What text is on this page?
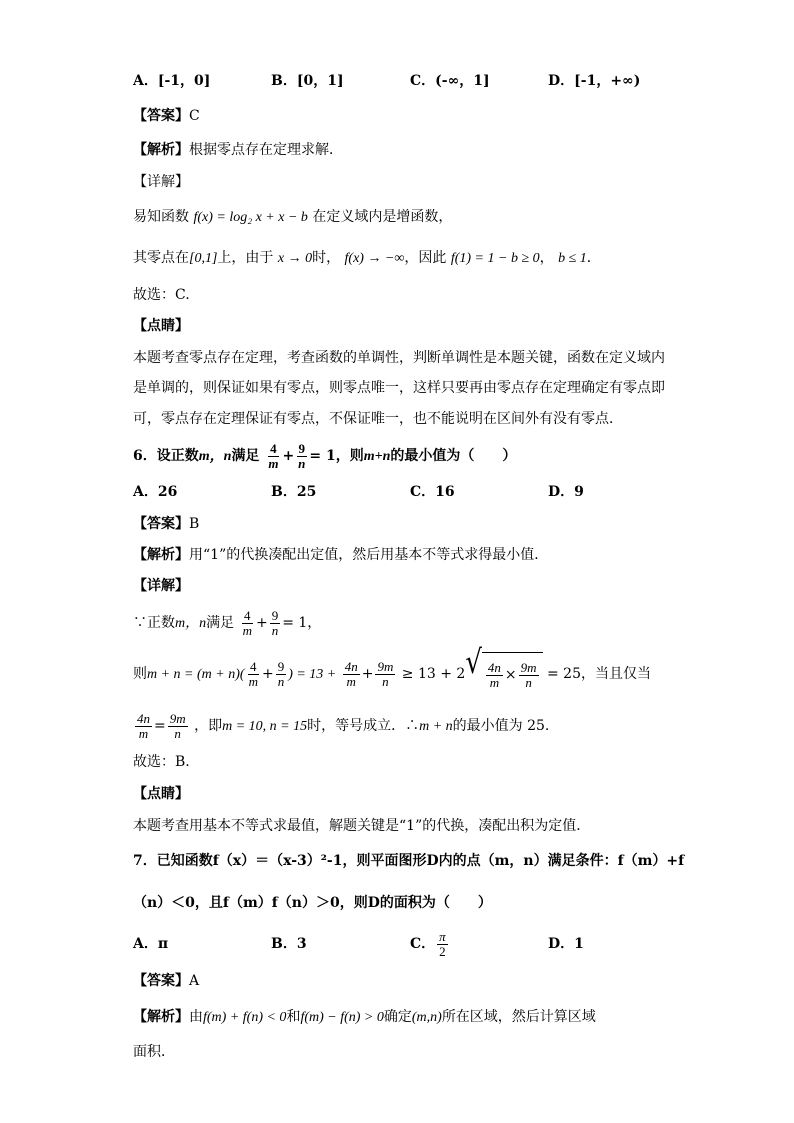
A．[-1，0]	B．[0，1]	C．(-∞，1]	D．[-1，+∞)
【答案】C
【解析】根据零点存在定理求解．
【详解】
易知函数 f(x) = log₂ x + x − b 在定义域内是增函数，
其零点在[0,1]上，由于 x → 0时， f(x) → −∞，因此 f(1) = 1 − b ≥ 0， b ≤ 1．
故选：C.
【点睛】
本题考查零点存在定理，考查函数的单调性，判断单调性是本题关键，函数在定义域内
是单调的，则保证如果有零点，则零点唯一，这样只要再由零点存在定理确定有零点即
可，零点存在定理保证有零点，不保证唯一，也不能说明在区间外有没有零点．
6．设正数m，n满足 $\frac{4}{m} + \frac{9}{n} = 1$，则m+n的最小值为（　　）
A．26	B．25	C．16	D．9
【答案】B
【解析】用“1”的代换凑配出定值，然后用基本不等式求得最小值．
【详解】
∵正数m，n满足 $\frac{4}{m} + \frac{9}{n} = 1$，
则$m + n = (m + n)( \frac{4}{m} + \frac{9}{n}$ ) = $13 + \frac{4n}{m} + \frac{9m}{n} \ge 13 + 2$ √ $\frac{4n}{m} \times \frac{9m}{n} = 25$，当且仅当
$\frac{4n}{m} = \frac{9m}{n}$ ，即m = 10, n = 15时，等号成立．∴m + n的最小值为 25.
故选：B.
【点睛】
本题考查用基本不等式求最值，解题关键是“1”的代换，凑配出积为定值．
7．已知函数f（x）＝（x-3）²-1，则平面图形D内的点（m，n）满足条件：f（m）+f
（n）＜0，且f（m）f（n）＞0，则D的面积为（　　）
A．π	B．3	C． $\frac{\pi}{2}$	D．1
【答案】A
【解析】由f(m) + f(n) < 0和f(m) − f(n) > 0确定(m,n)所在区域，然后计算区域
面积．
